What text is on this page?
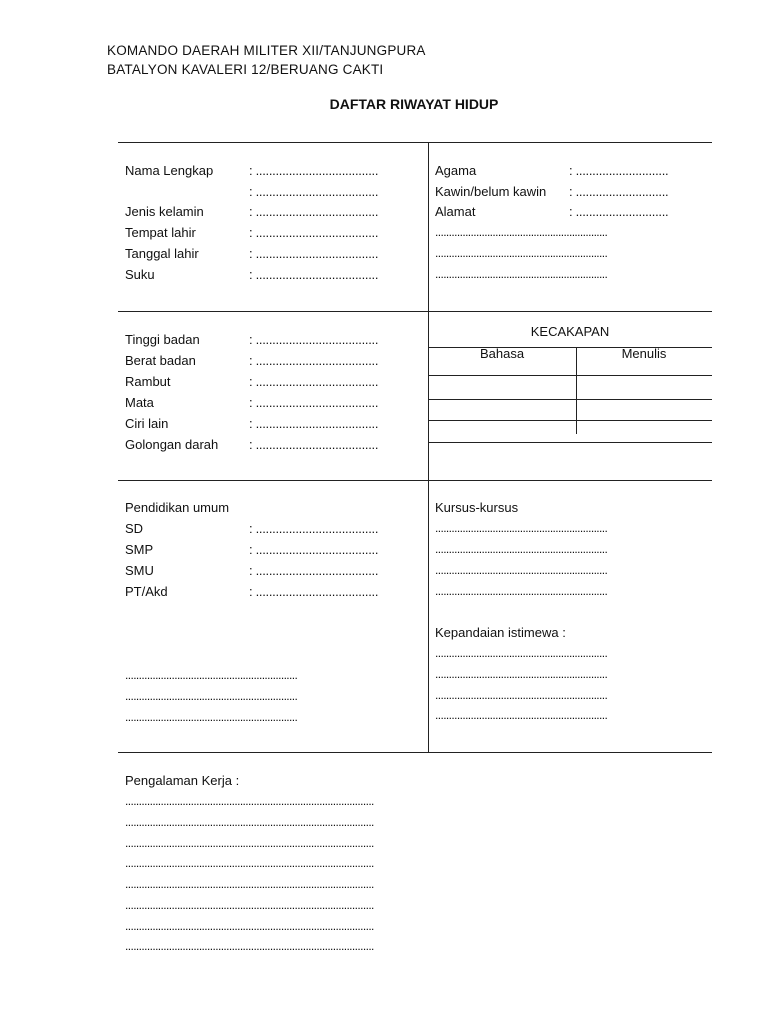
KOMANDO DAERAH MILITER XII/TANJUNGPURA
BATALYON KAVALERI 12/BERUANG CAKTI
DAFTAR RIWAYAT HIDUP
Nama Lengkap	: .....................................
: .....................................
Jenis kelamin	: .....................................
Tempat lahir	: .....................................
Tanggal lahir	: .....................................
Suku	: .....................................
Agama	: ............................
Kawin/belum kawin : ............................
Alamat	: ............................
...............................................................
...............................................................
...............................................................
Tinggi badan	: .....................................
Berat badan	: .....................................
Rambut	: .....................................
Mata	: .....................................
Ciri lain	: .....................................
Golongan darah : .....................................
KECAKAPAN
Bahasa	Menulis
Pendidikan umum
SD	: .....................................
SMP	: .....................................
SMU	: .....................................
PT/Akd	: .....................................
...............................................................
...............................................................
...............................................................
Kursus-kursus
...............................................................
...............................................................
...............................................................
...............................................................
Kepandaian istimewa :
...............................................................
...............................................................
...............................................................
...............................................................
Pengalaman Kerja :
...........................................................................................
...........................................................................................
...........................................................................................
...........................................................................................
...........................................................................................
...........................................................................................
...........................................................................................
...........................................................................................
